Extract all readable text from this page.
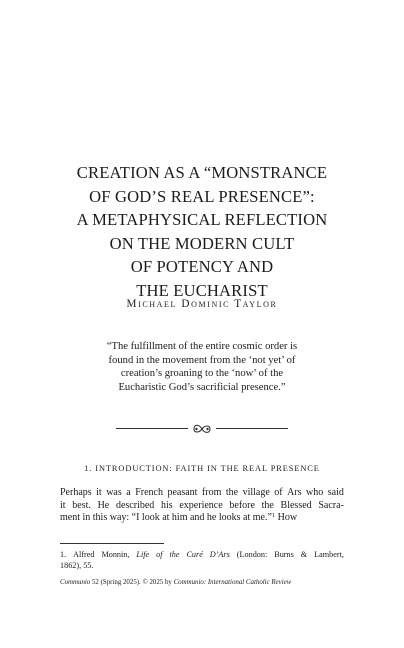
CREATION AS A “MONSTRANCE
OF GOD’S REAL PRESENCE”:
A METAPHYSICAL REFLECTION
ON THE MODERN CULT
OF POTENCY AND
THE EUCHARIST
Michael Dominic Taylor
“The fulfillment of the entire cosmic order is
found in the movement from the ‘not yet’ of
creation’s groaning to the ‘now’ of the
Eucharistic God’s sacrificial presence.”
1. INTRODUCTION: FAITH IN THE REAL PRESENCE
Perhaps it was a French peasant from the village of Ars who said
it best. He described his experience before the Blessed Sacra-
ment in this way: “I look at him and he looks at me.”$^1$ How
1. Alfred Monnin, Life of the Curé D’Ars (London: Burns & Lambert,
1862), 55.
Communio 52 (Spring 2025). © 2025 by Communio: International Catholic Review
